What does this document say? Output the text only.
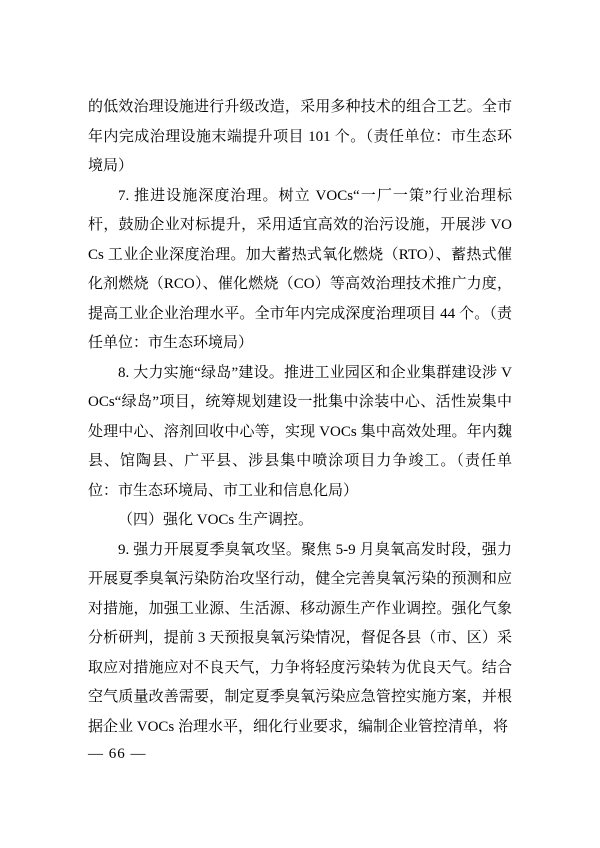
的低效治理设施进行升级改造，采用多种技术的组合工艺。全市年内完成治理设施末端提升项目 101 个。（责任单位：市生态环境局）

7. 推进设施深度治理。树立 VOCs“一厂一策”行业治理标杆，鼓励企业对标提升，采用适宜高效的治污设施，开展涉 VOCs 工业企业深度治理。加大蓄热式氧化燃烧（RTO）、蓄热式催化剂燃烧（RCO）、催化燃烧（CO）等高效治理技术推广力度，提高工业企业治理水平。全市年内完成深度治理项目 44 个。（责任单位：市生态环境局）

8. 大力实施“绿岛”建设。推进工业园区和企业集群建设涉 VOCs“绿岛”项目，统筹规划建设一批集中涂装中心、活性炭集中处理中心、溶剂回收中心等，实现 VOCs 集中高效处理。年内魏县、馆陶县、广平县、涉县集中喷涂项目力争竣工。（责任单位：市生态环境局、市工业和信息化局）

（四）强化 VOCs 生产调控。

9. 强力开展夏季臭氧攻坚。聚焦 5-9 月臭氧高发时段，强力开展夏季臭氧污染防治攻坚行动，健全完善臭氧污染的预测和应对措施，加强工业源、生活源、移动源生产作业调控。强化气象分析研判，提前 3 天预报臭氧污染情况，督促各县（市、区）采取应对措施应对不良天气，力争将轻度污染转为优良天气。结合空气质量改善需要，制定夏季臭氧污染应急管控实施方案，并根据企业 VOCs 治理水平，细化行业要求，编制企业管控清单，将

— 66 —
